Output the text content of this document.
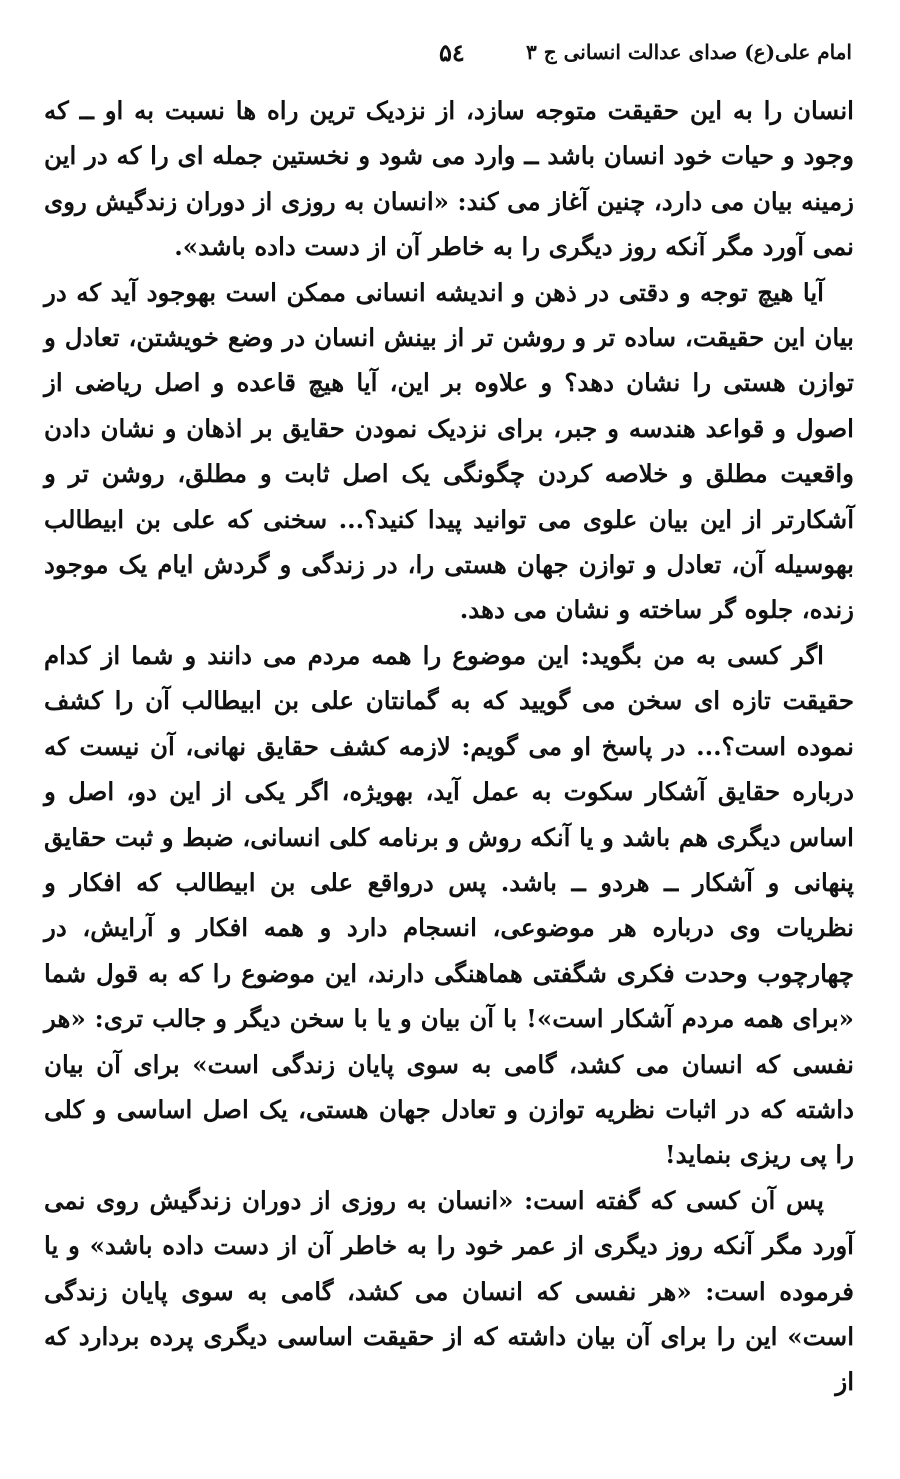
امام علی(ع) صدای عدالت انسانی ج ۳
۵٤

انسان را به این حقیقت متوجه سازد، از نزدیک ترین راه ها نسبت به او ــ که وجود و حیات خود انسان باشد ــ وارد می شود و نخستین جمله ای را که در این زمینه بیان می دارد، چنین آغاز می کند: «انسان به روزی از دوران زندگیش روی نمی آورد مگر آنکه روز دیگری را به خاطر آن از دست داده باشد».

آیا هیچ توجه و دقتی در ذهن و اندیشه انسانی ممکن است بهوجود آید که در بیان این حقیقت، ساده تر و روشن تر از بینش انسان در وضع خویشتن، تعادل و توازن هستی را نشان دهد؟ و علاوه بر این، آیا هیچ قاعده و اصل ریاضی از اصول و قواعد هندسه و جبر، برای نزدیک نمودن حقایق بر اذهان و نشان دادن واقعیت مطلق و خلاصه کردن چگونگی یک اصل ثابت و مطلق، روشن تر و آشکارتر از این بیان علوی می توانید پیدا کنید؟... سخنی که علی بن ابیطالب بهوسیله آن، تعادل و توازن جهان هستی را، در زندگی و گردش ایام یک موجود زنده، جلوه گر ساخته و نشان می دهد.

اگر کسی به من بگوید: این موضوع را همه مردم می دانند و شما از کدام حقیقت تازه ای سخن می گویید که به گمانتان علی بن ابیطالب آن را کشف نموده است؟... در پاسخ او می گویم: لازمه کشف حقایق نهانی، آن نیست که درباره حقایق آشکار سکوت به عمل آید، بهویژه، اگر یکی از این دو، اصل و اساس دیگری هم باشد و یا آنکه روش و برنامه کلی انسانی، ضبط و ثبت حقایق پنهانی و آشکار ــ هردو ــ باشد. پس درواقع علی بن ابیطالب که افکار و نظریات وی درباره هر موضوعی، انسجام دارد و همه افکار و آرایش، در چهارچوب وحدت فکری شگفتی هماهنگی دارند، این موضوع را که به قول شما «برای همه مردم آشکار است»! با آن بیان و یا با سخن دیگر و جالب تری: «هر نفسی که انسان می کشد، گامی به سوی پایان زندگی است» برای آن بیان داشته که در اثبات نظریه توازن و تعادل جهان هستی، یک اصل اساسی و کلی را پی ریزی بنماید!

پس آن کسی که گفته است: «انسان به روزی از دوران زندگیش روی نمی آورد مگر آنکه روز دیگری از عمر خود را به خاطر آن از دست داده باشد» و یا فرموده است: «هر نفسی که انسان می کشد، گامی به سوی پایان زندگی است» این را برای آن بیان داشته که از حقیقت اساسی دیگری پرده بردارد که از
